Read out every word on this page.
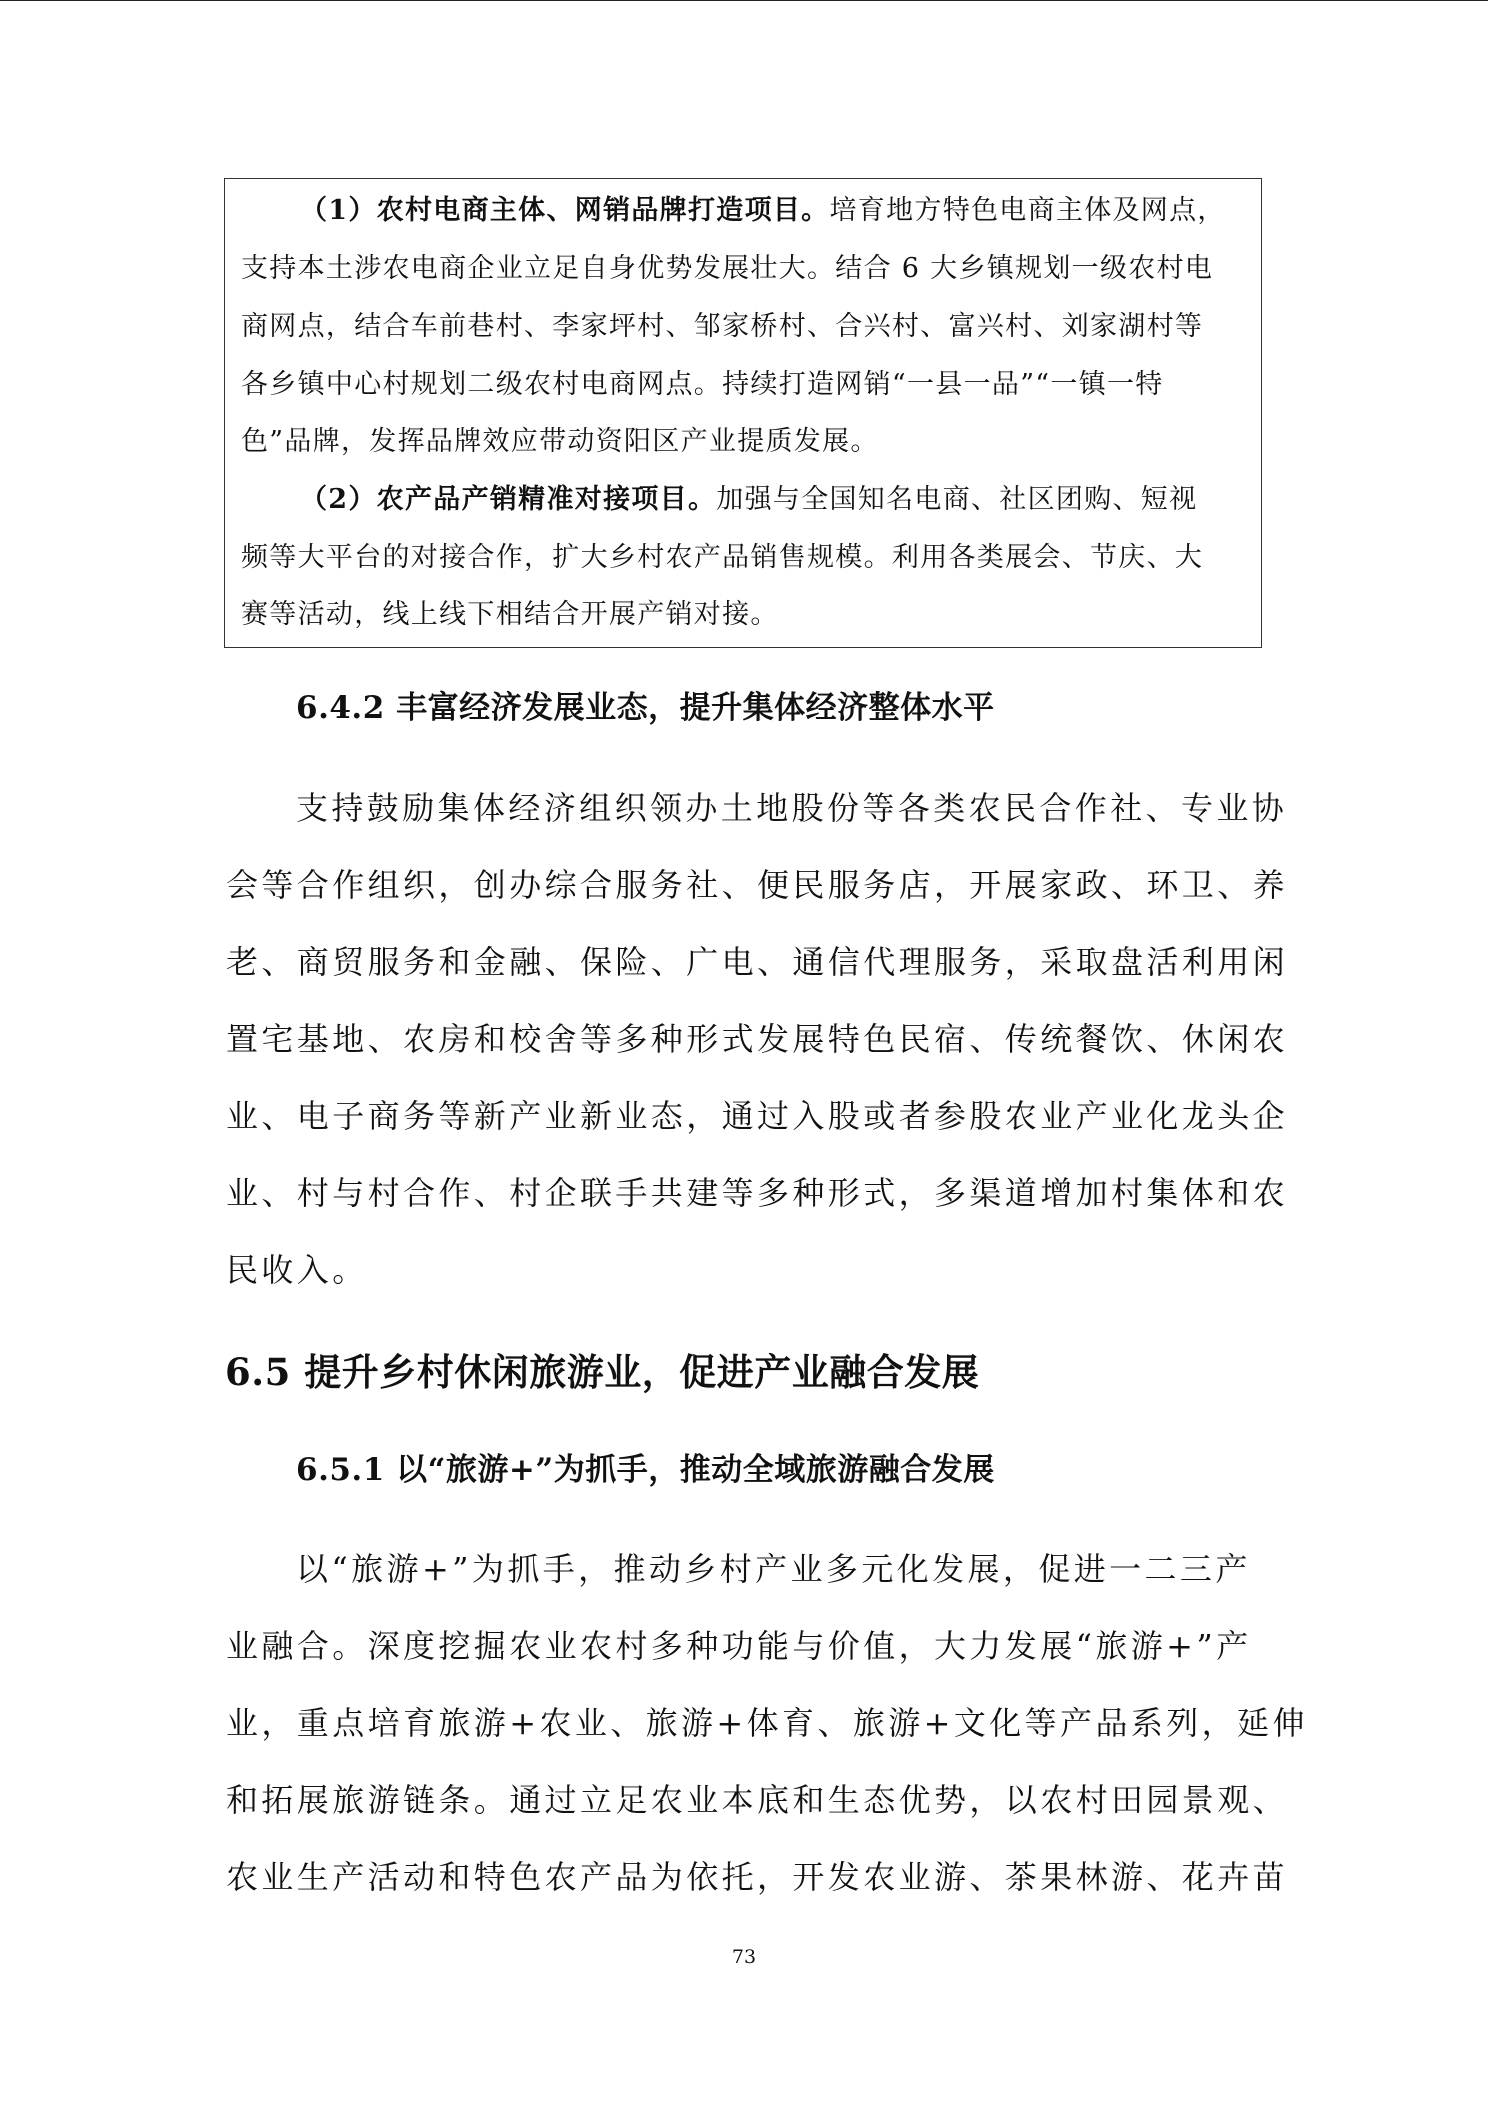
（1）农村电商主体、网销品牌打造项目。培育地方特色电商主体及网点，
支持本土涉农电商企业立足自身优势发展壮大。结合 6 大乡镇规划一级农村电
商网点，结合车前巷村、李家坪村、邹家桥村、合兴村、富兴村、刘家湖村等
各乡镇中心村规划二级农村电商网点。持续打造网销“一县一品”“一镇一特
色”品牌，发挥品牌效应带动资阳区产业提质发展。
（2）农产品产销精准对接项目。加强与全国知名电商、社区团购、短视
频等大平台的对接合作，扩大乡村农产品销售规模。利用各类展会、节庆、大
赛等活动，线上线下相结合开展产销对接。
6.4.2 丰富经济发展业态，提升集体经济整体水平
支持鼓励集体经济组织领办土地股份等各类农民合作社、专业协
会等合作组织，创办综合服务社、便民服务店，开展家政、环卫、养
老、商贸服务和金融、保险、广电、通信代理服务，采取盘活利用闲
置宅基地、农房和校舍等多种形式发展特色民宿、传统餐饮、休闲农
业、电子商务等新产业新业态，通过入股或者参股农业产业化龙头企
业、村与村合作、村企联手共建等多种形式，多渠道增加村集体和农
民收入。
6.5 提升乡村休闲旅游业，促进产业融合发展
6.5.1 以“旅游+”为抓手，推动全域旅游融合发展
以“旅游+”为抓手，推动乡村产业多元化发展，促进一二三产
业融合。深度挖掘农业农村多种功能与价值，大力发展“旅游+”产
业，重点培育旅游+农业、旅游+体育、旅游+文化等产品系列，延伸
和拓展旅游链条。通过立足农业本底和生态优势，以农村田园景观、
农业生产活动和特色农产品为依托，开发农业游、茶果林游、花卉苗
73
